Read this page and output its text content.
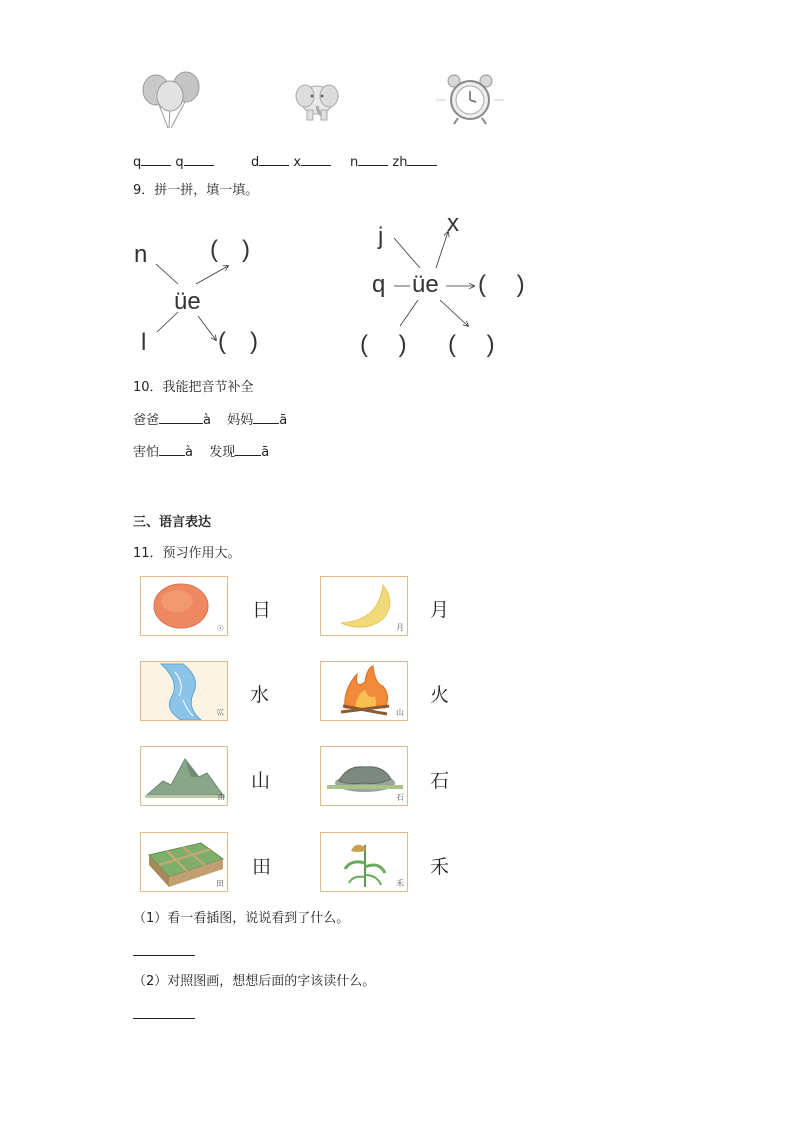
՚
q	q	d	x	n	zh
9．拼一拼，填一填。
n	(　)
üe
l	(　)
j	x
q üe (　 )
(　 ) (　 )
10．我能把音节补全
爸爸	à 妈妈 ā
害怕 à 发现 ā
三、语言表达
11．预习作用大。
☉
日
月
月
巛
水
山
火
ᗰ
山
石
石
田
田
禾
禾
（1）看一看插图，说说看到了什么。
（2）对照图画，想想后面的字该读什么。
